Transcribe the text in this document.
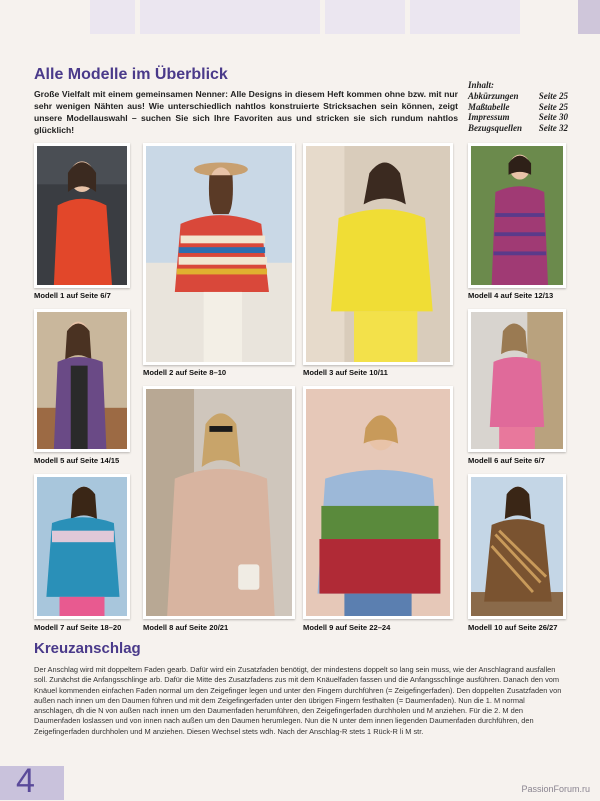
Alle Modelle im Überblick

Große Vielfalt mit einem gemeinsamen Nenner: Alle Designs in diesem Heft kommen ohne bzw. mit nur sehr wenigen Nähten aus! Wie unterschiedlich nahtlos konstruierte Stricksachen sein können, zeigt unsere Modellauswahl – suchen Sie sich Ihre Favoriten aus und stricken sie sich rundum nahtlos glücklich!

Inhalt:
Abkürzungen Seite 25
Maßtabelle	Seite 25
Impressum	Seite 30
Bezugsquellen Seite 32
Modell 1 auf Seite 6/7
Modell 2 auf Seite 8–10	Modell 3 auf Seite 10/11
Modell 4 auf Seite 12/13
Modell 5 auf Seite 14/15	Modell 6 auf Seite 6/7
Modell 7 auf Seite 18–20	Modell 8 auf Seite 20/21	Modell 9 auf Seite 22–24	Modell 10 auf Seite 26/27
Kreuzanschlag

Der Anschlag wird mit doppeltem Faden gearb. Dafür wird ein Zusatzfaden benötigt, der mindestens doppelt so lang sein muss, wie der Anschlagrand ausfallen soll. Zunächst die Anfangsschlinge arb. Dafür die Mitte des Zusatzfadens zus mit dem Knäuelfaden fassen und die Anfangsschlinge ausführen. Danach den vom Knäuel kommenden einfachen Faden normal um den Zeigefinger legen und unter den Fingern durchführen (= Zeigefingerfaden). Den doppelten Zusatzfaden von außen nach innen um den Daumen führen und mit dem Zeigefingerfaden unter den übrigen Fingern festhalten (= Daumenfaden). Nun die 1. M normal anschlagen, dh die N von außen nach innen um den Daumenfaden herumführen, den Zeigefingerfaden durchholen und M anziehen. Für die 2. M den Daumenfaden loslassen und von innen nach außen um den Daumen herumlegen. Nun die N unter dem innen liegenden Daumenfaden durchführen, den Zeigefingerfaden durchholen und M anziehen. Diesen Wechsel stets wdh. Nach der Anschlag-R stets 1 Rück-R li M str.

4	PassionForum.ru
